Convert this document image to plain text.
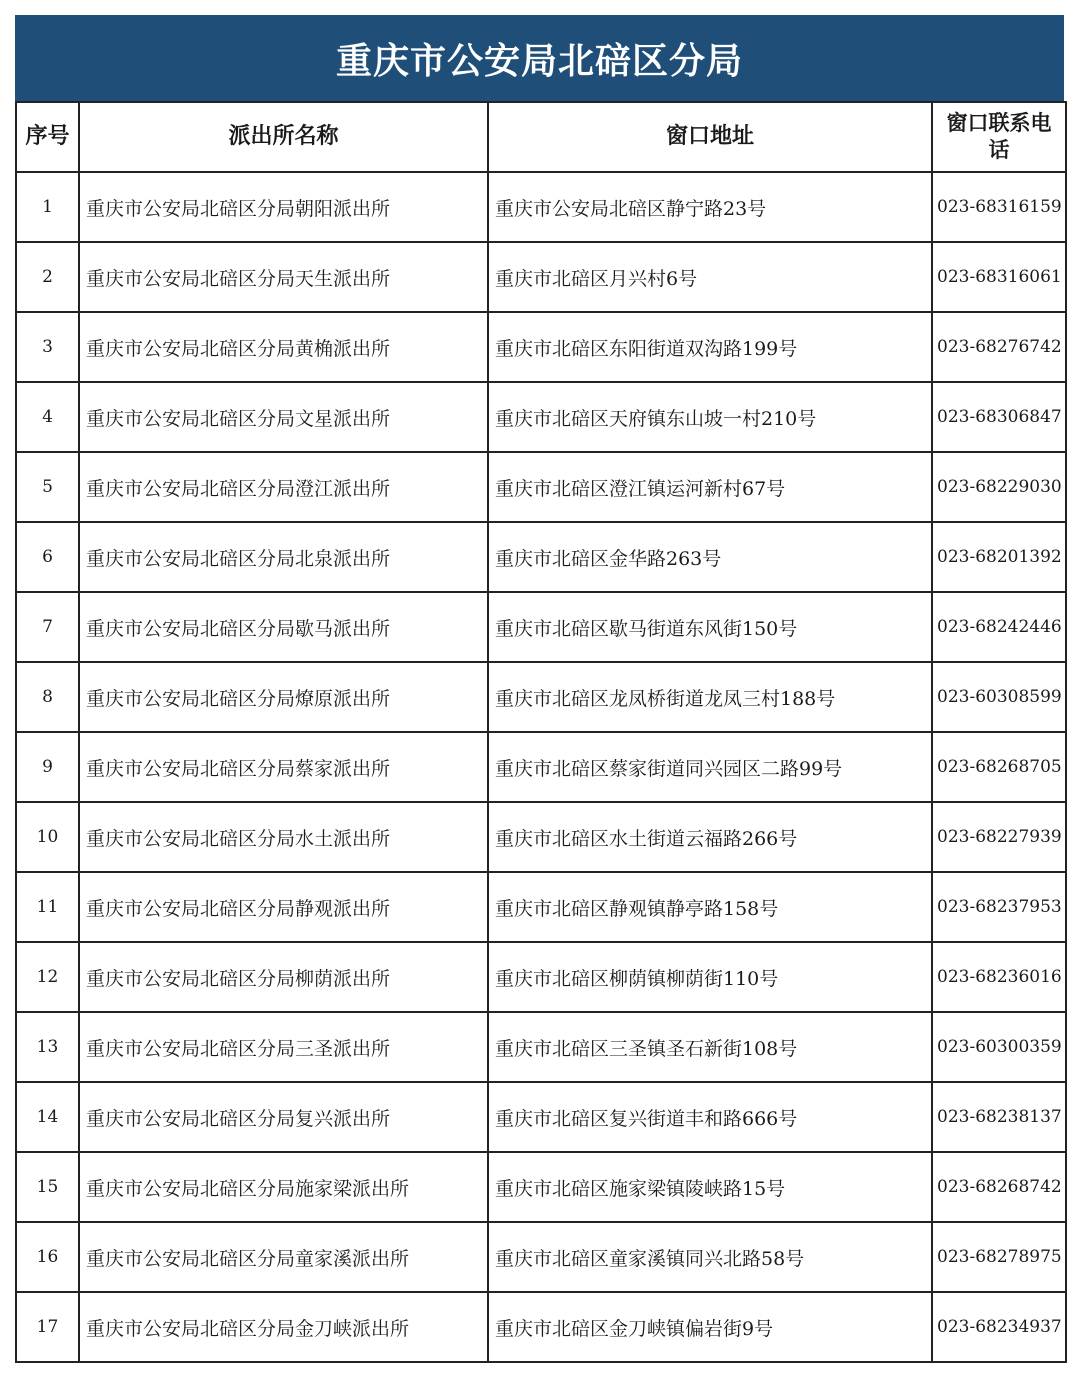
重庆市公安局北碚区分局
序号	派出所名称	窗口地址	窗口联系电话
1	重庆市公安局北碚区分局朝阳派出所	重庆市公安局北碚区静宁路23号	023-68316159
2	重庆市公安局北碚区分局天生派出所	重庆市北碚区月兴村6号	023-68316061
3	重庆市公安局北碚区分局黄桷派出所	重庆市北碚区东阳街道双沟路199号	023-68276742
4	重庆市公安局北碚区分局文星派出所	重庆市北碚区天府镇东山坡一村210号	023-68306847
5	重庆市公安局北碚区分局澄江派出所	重庆市北碚区澄江镇运河新村67号	023-68229030
6	重庆市公安局北碚区分局北泉派出所	重庆市北碚区金华路263号	023-68201392
7	重庆市公安局北碚区分局歇马派出所	重庆市北碚区歇马街道东风街150号	023-68242446
8	重庆市公安局北碚区分局燎原派出所	重庆市北碚区龙凤桥街道龙凤三村188号	023-60308599
9	重庆市公安局北碚区分局蔡家派出所	重庆市北碚区蔡家街道同兴园区二路99号	023-68268705
10	重庆市公安局北碚区分局水土派出所	重庆市北碚区水土街道云福路266号	023-68227939
11	重庆市公安局北碚区分局静观派出所	重庆市北碚区静观镇静亭路158号	023-68237953
12	重庆市公安局北碚区分局柳荫派出所	重庆市北碚区柳荫镇柳荫街110号	023-68236016
13	重庆市公安局北碚区分局三圣派出所	重庆市北碚区三圣镇圣石新街108号	023-60300359
14	重庆市公安局北碚区分局复兴派出所	重庆市北碚区复兴街道丰和路666号	023-68238137
15	重庆市公安局北碚区分局施家梁派出所	重庆市北碚区施家梁镇陵峡路15号	023-68268742
16	重庆市公安局北碚区分局童家溪派出所	重庆市北碚区童家溪镇同兴北路58号	023-68278975
17	重庆市公安局北碚区分局金刀峡派出所	重庆市北碚区金刀峡镇偏岩街9号	023-68234937
